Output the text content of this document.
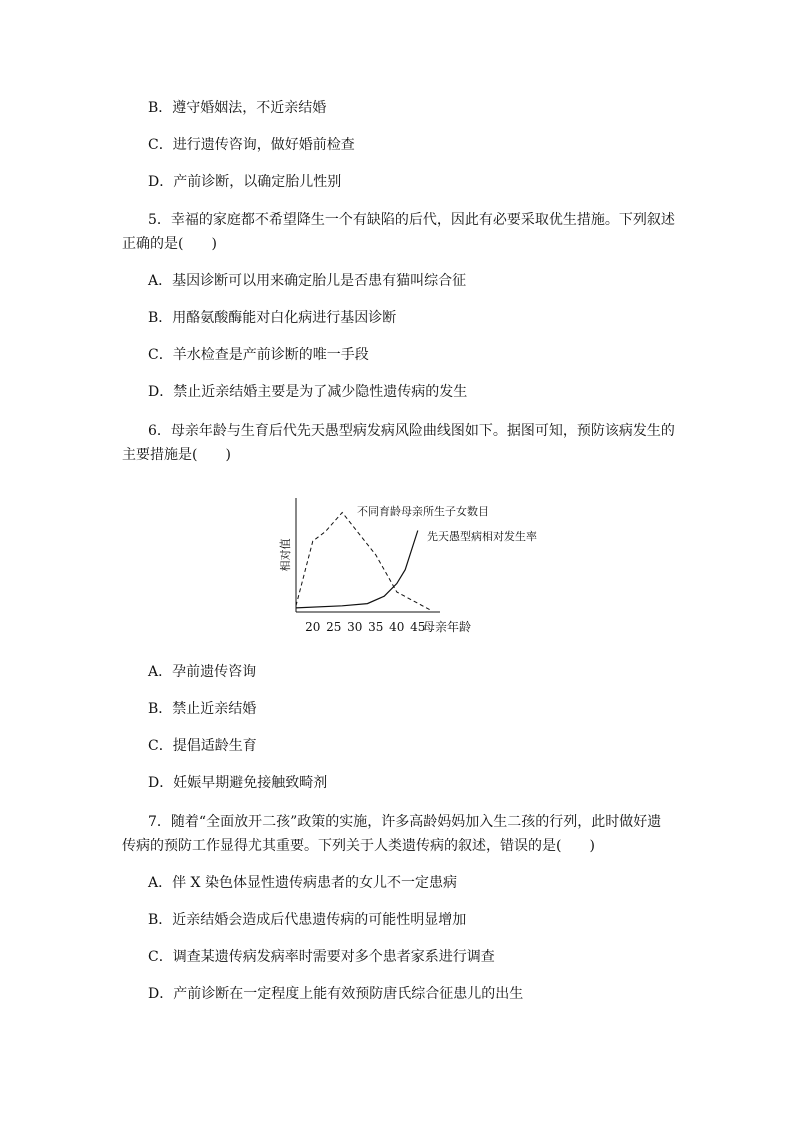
B．遵守婚姻法，不近亲结婚
C．进行遗传咨询，做好婚前检查
D．产前诊断，以确定胎儿性别
5．幸福的家庭都不希望降生一个有缺陷的后代，因此有必要采取优生措施。下列叙述
正确的是(　　)
A．基因诊断可以用来确定胎儿是否患有猫叫综合征
B．用酪氨酸酶能对白化病进行基因诊断
C．羊水检查是产前诊断的唯一手段
D．禁止近亲结婚主要是为了减少隐性遗传病的发生
6．母亲年龄与生育后代先天愚型病发病风险曲线图如下。据图可知，预防该病发生的
主要措施是(　　)
相对值
20 25 30 35 40 45
母亲年龄
不同育龄母亲所生子女数目
先天愚型病相对发生率
A．孕前遗传咨询
B．禁止近亲结婚
C．提倡适龄生育
D．妊娠早期避免接触致畸剂
7．随着“全面放开二孩”政策的实施，许多高龄妈妈加入生二孩的行列，此时做好遗
传病的预防工作显得尤其重要。下列关于人类遗传病的叙述，错误的是(　　)
A．伴 X 染色体显性遗传病患者的女儿不一定患病
B．近亲结婚会造成后代患遗传病的可能性明显增加
C．调查某遗传病发病率时需要对多个患者家系进行调查
D．产前诊断在一定程度上能有效预防唐氏综合征患儿的出生
